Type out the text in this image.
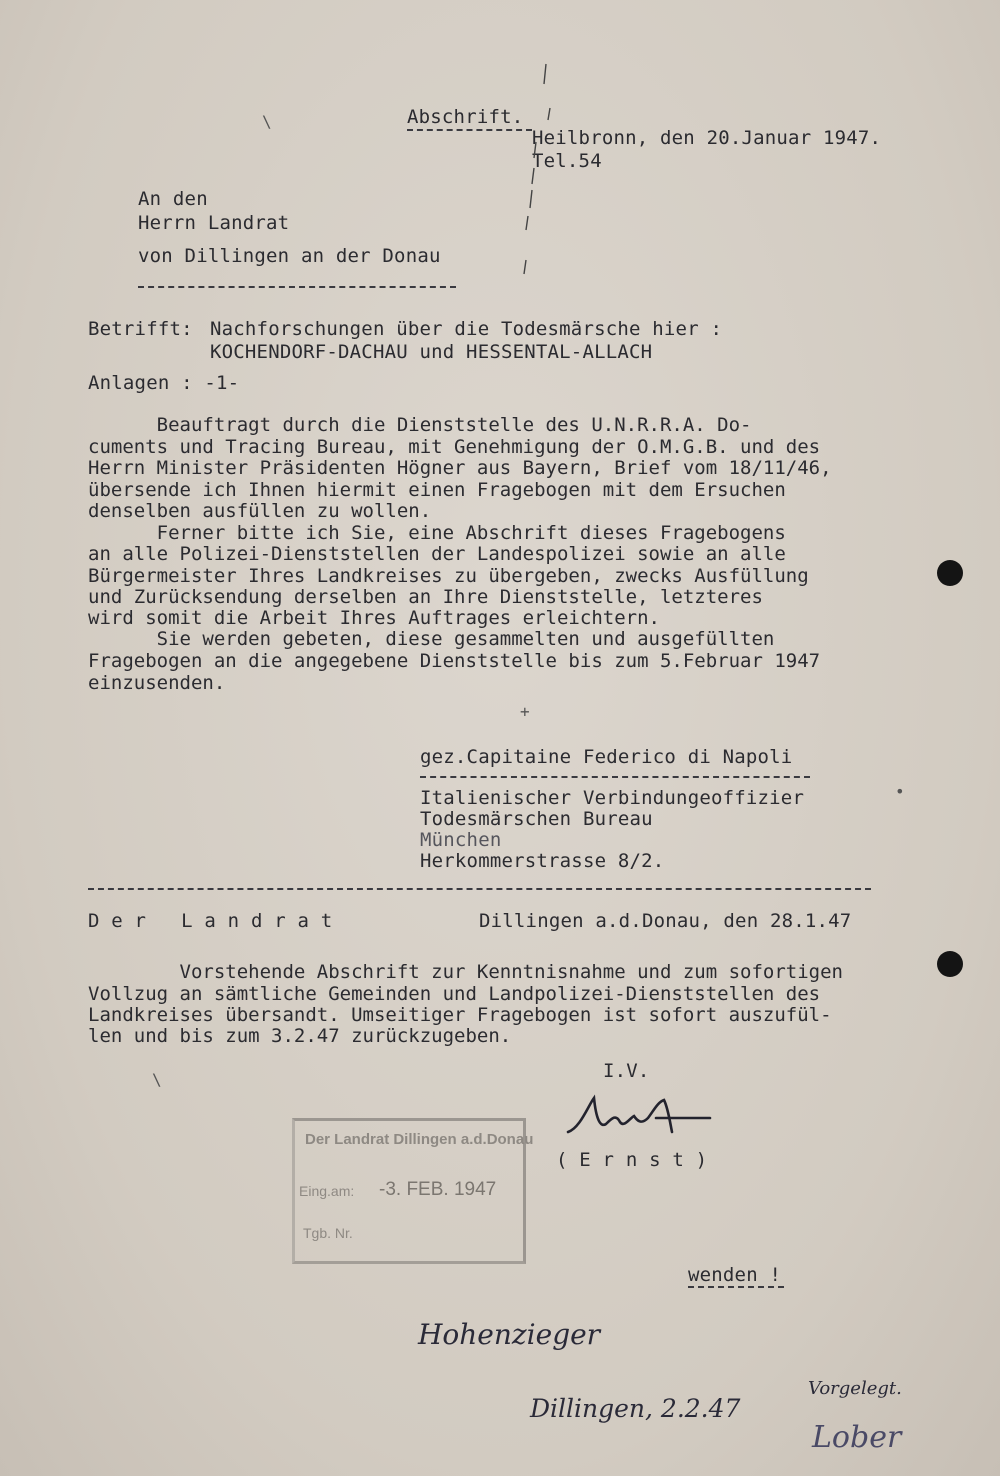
Abschrift.
Heilbronn, den 20.Januar 1947.
Tel.54
An den
Herrn Landrat
von Dillingen an der Donau
Betrifft: Nachforschungen über die Todesmärsche hier :
KOCHENDORF-DACHAU und HESSENTAL-ALLACH
Anlagen : -1-
Beauftragt durch die Dienststelle des U.N.R.R.A. Do-
cuments und Tracing Bureau, mit Genehmigung der O.M.G.B. und des
Herrn Minister Präsidenten Högner aus Bayern, Brief vom 18/11/46,
übersende ich Ihnen hiermit einen Fragebogen mit dem Ersuchen
denselben ausfüllen zu wollen.
Ferner bitte ich Sie, eine Abschrift dieses Fragebogens
an alle Polizei-Dienststellen der Landespolizei sowie an alle
Bürgermeister Ihres Landkreises zu übergeben, zwecks Ausfüllung
und Zurücksendung derselben an Ihre Dienststelle, letzteres
wird somit die Arbeit Ihres Auftrages erleichtern.
Sie werden gebeten, diese gesammelten und ausgefüllten
Fragebogen an die angegebene Dienststelle bis zum 5.Februar 1947
einzusenden.
gez.Capitaine Federico di Napoli
Italienischer Verbindungeoffizier
Todesmärschen Bureau
München
Herkommerstrasse 8/2.
D e r   L a n d r a t	Dillingen a.d.Donau, den 28.1.47
Vorstehende Abschrift zur Kenntnisnahme und zum sofortigen
Vollzug an sämtliche Gemeinden und Landpolizei-Dienststellen des
Landkreises übersandt. Umseitiger Fragebogen ist sofort auszufül-
len und bis zum 3.2.47 zurückzugeben.
I.V.
( E r n s t )
Der Landrat Dillingen a.d.Donau
Eing.am: -3. FEB. 1947
Tgb. Nr.
wenden !
Hohenzieger
Dillingen, 2.2.47
Vorgelegt.
Lober
\
+
•
\
